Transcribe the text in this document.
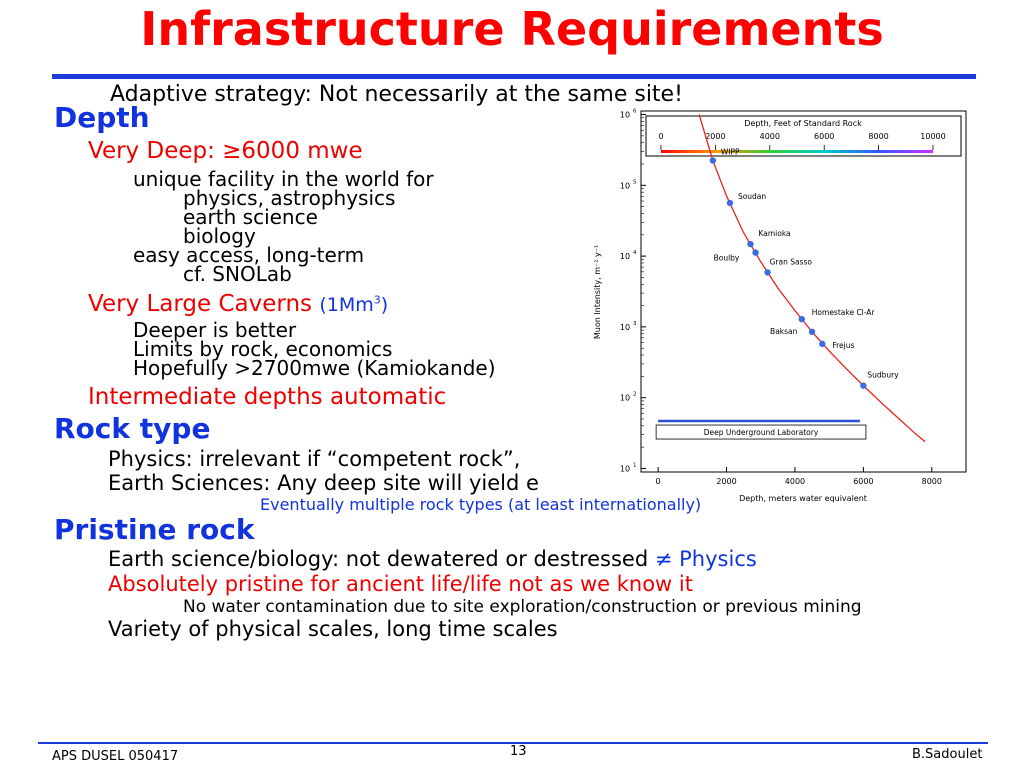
Infrastructure Requirements
Adaptive strategy: Not necessarily at the same site!
Depth
Very Deep: ≥6000 mwe
unique facility in the world for
physics, astrophysics
earth science
biology
easy access, long-term
cf. SNOLab
Very Large Caverns (1Mm$^3$)
Deeper is better
Limits by rock, economics
Hopefully >2700mwe (Kamiokande)
Intermediate depths automatic
Rock type
Physics: irrelevant if “competent rock”,
Earth Sciences: Any deep site will yield e
Depth, Feet of Standard Rock
0	2000	4000	6000	8000	10000
0	2000	4000	6000	8000
10 1
10 2
10 3
10 4
10 5
10 6
Deep Underground Laboratory
WIPP
Soudan
Kamioka
Boulby	Gran Sasso
Homestake Cl-Ar
Baksan
Frejus
Sudbury
Depth, meters water equivalent
Muon Intensity, m⁻² y⁻¹
Eventually multiple rock types (at least internationally)
Pristine rock
Earth science/biology: not dewatered or destressed ≠ Physics
Absolutely pristine for ancient life/life not as we know it
No water contamination due to site exploration/construction or previous mining
Variety of physical scales, long time scales
APS DUSEL 050417	13	B.Sadoulet
